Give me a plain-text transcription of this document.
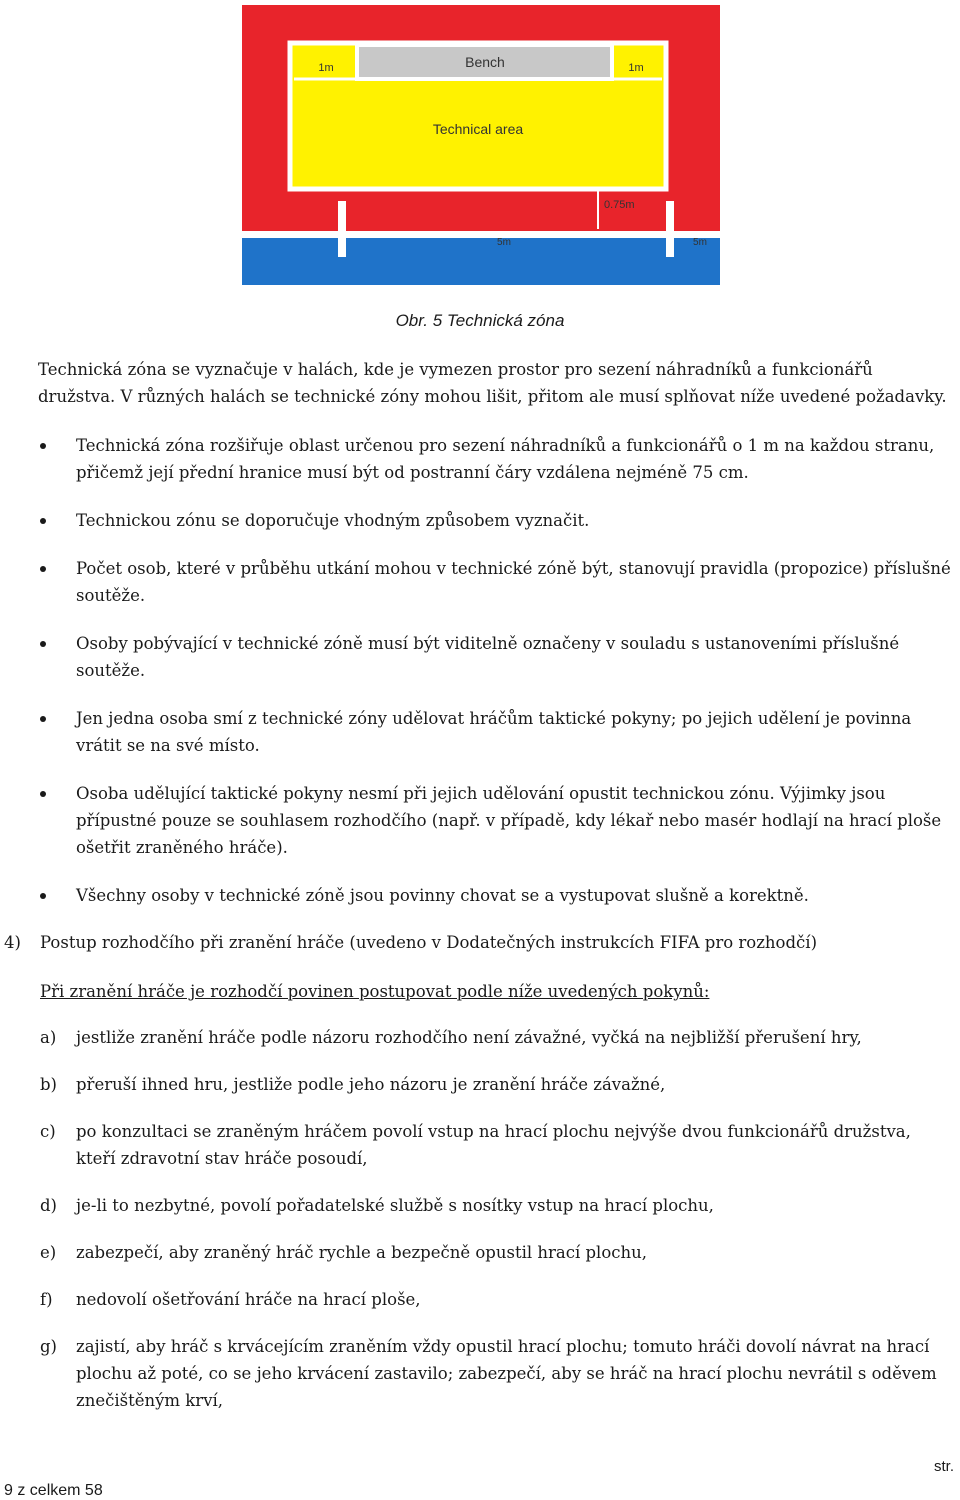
Bench
1m	1m
Technical area
0.75m
5m	5m
Obr. 5 Technická zóna
Technická zóna se vyznačuje v halách, kde je vymezen prostor pro sezení náhradníků a funkcionářů družstva. V různých halách se technické zóny mohou lišit, přitom ale musí splňovat níže uvedené požadavky.
Technická zóna rozšiřuje oblast určenou pro sezení náhradníků a funkcionářů o 1 m na každou stranu, přičemž její přední hranice musí být od postranní čáry vzdálena nejméně 75 cm.
Technickou zónu se doporučuje vhodným způsobem vyznačit.
Počet osob, které v průběhu utkání mohou v technické zóně být, stanovují pravidla (propozice) příslušné soutěže.
Osoby pobývající v technické zóně musí být viditelně označeny v souladu s ustanoveními příslušné soutěže.
Jen jedna osoba smí z technické zóny udělovat hráčům taktické pokyny; po jejich udělení je povinna vrátit se na své místo.
Osoba udělující taktické pokyny nesmí při jejich udělování opustit technickou zónu. Výjimky jsou přípustné pouze se souhlasem rozhodčího (např. v případě, kdy lékař nebo masér hodlají na hrací ploše ošetřit zraněného hráče).
Všechny osoby v technické zóně jsou povinny chovat se a vystupovat slušně a korektně.
4) Postup rozhodčího při zranění hráče (uvedeno v Dodatečných instrukcích FIFA pro rozhodčí)
Při zranění hráče je rozhodčí povinen postupovat podle níže uvedených pokynů:
a) jestliže zranění hráče podle názoru rozhodčího není závažné, vyčká na nejbližší přerušení hry,
b) přeruší ihned hru, jestliže podle jeho názoru je zranění hráče závažné,
c) po konzultaci se zraněným hráčem povolí vstup na hrací plochu nejvýše dvou funkcionářů družstva, kteří zdravotní stav hráče posoudí,
d) je-li to nezbytné, povolí pořadatelské službě s nosítky vstup na hrací plochu,
e) zabezpečí, aby zraněný hráč rychle a bezpečně opustil hrací plochu,
f) nedovolí ošetřování hráče na hrací ploše,
g) zajistí, aby hráč s krvácejícím zraněním vždy opustil hrací plochu; tomuto hráči dovolí návrat na hrací plochu až poté, co se jeho krvácení zastavilo; zabezpečí, aby se hráč na hrací plochu nevrátil s oděvem znečištěným krví,
str.
9 z celkem 58
